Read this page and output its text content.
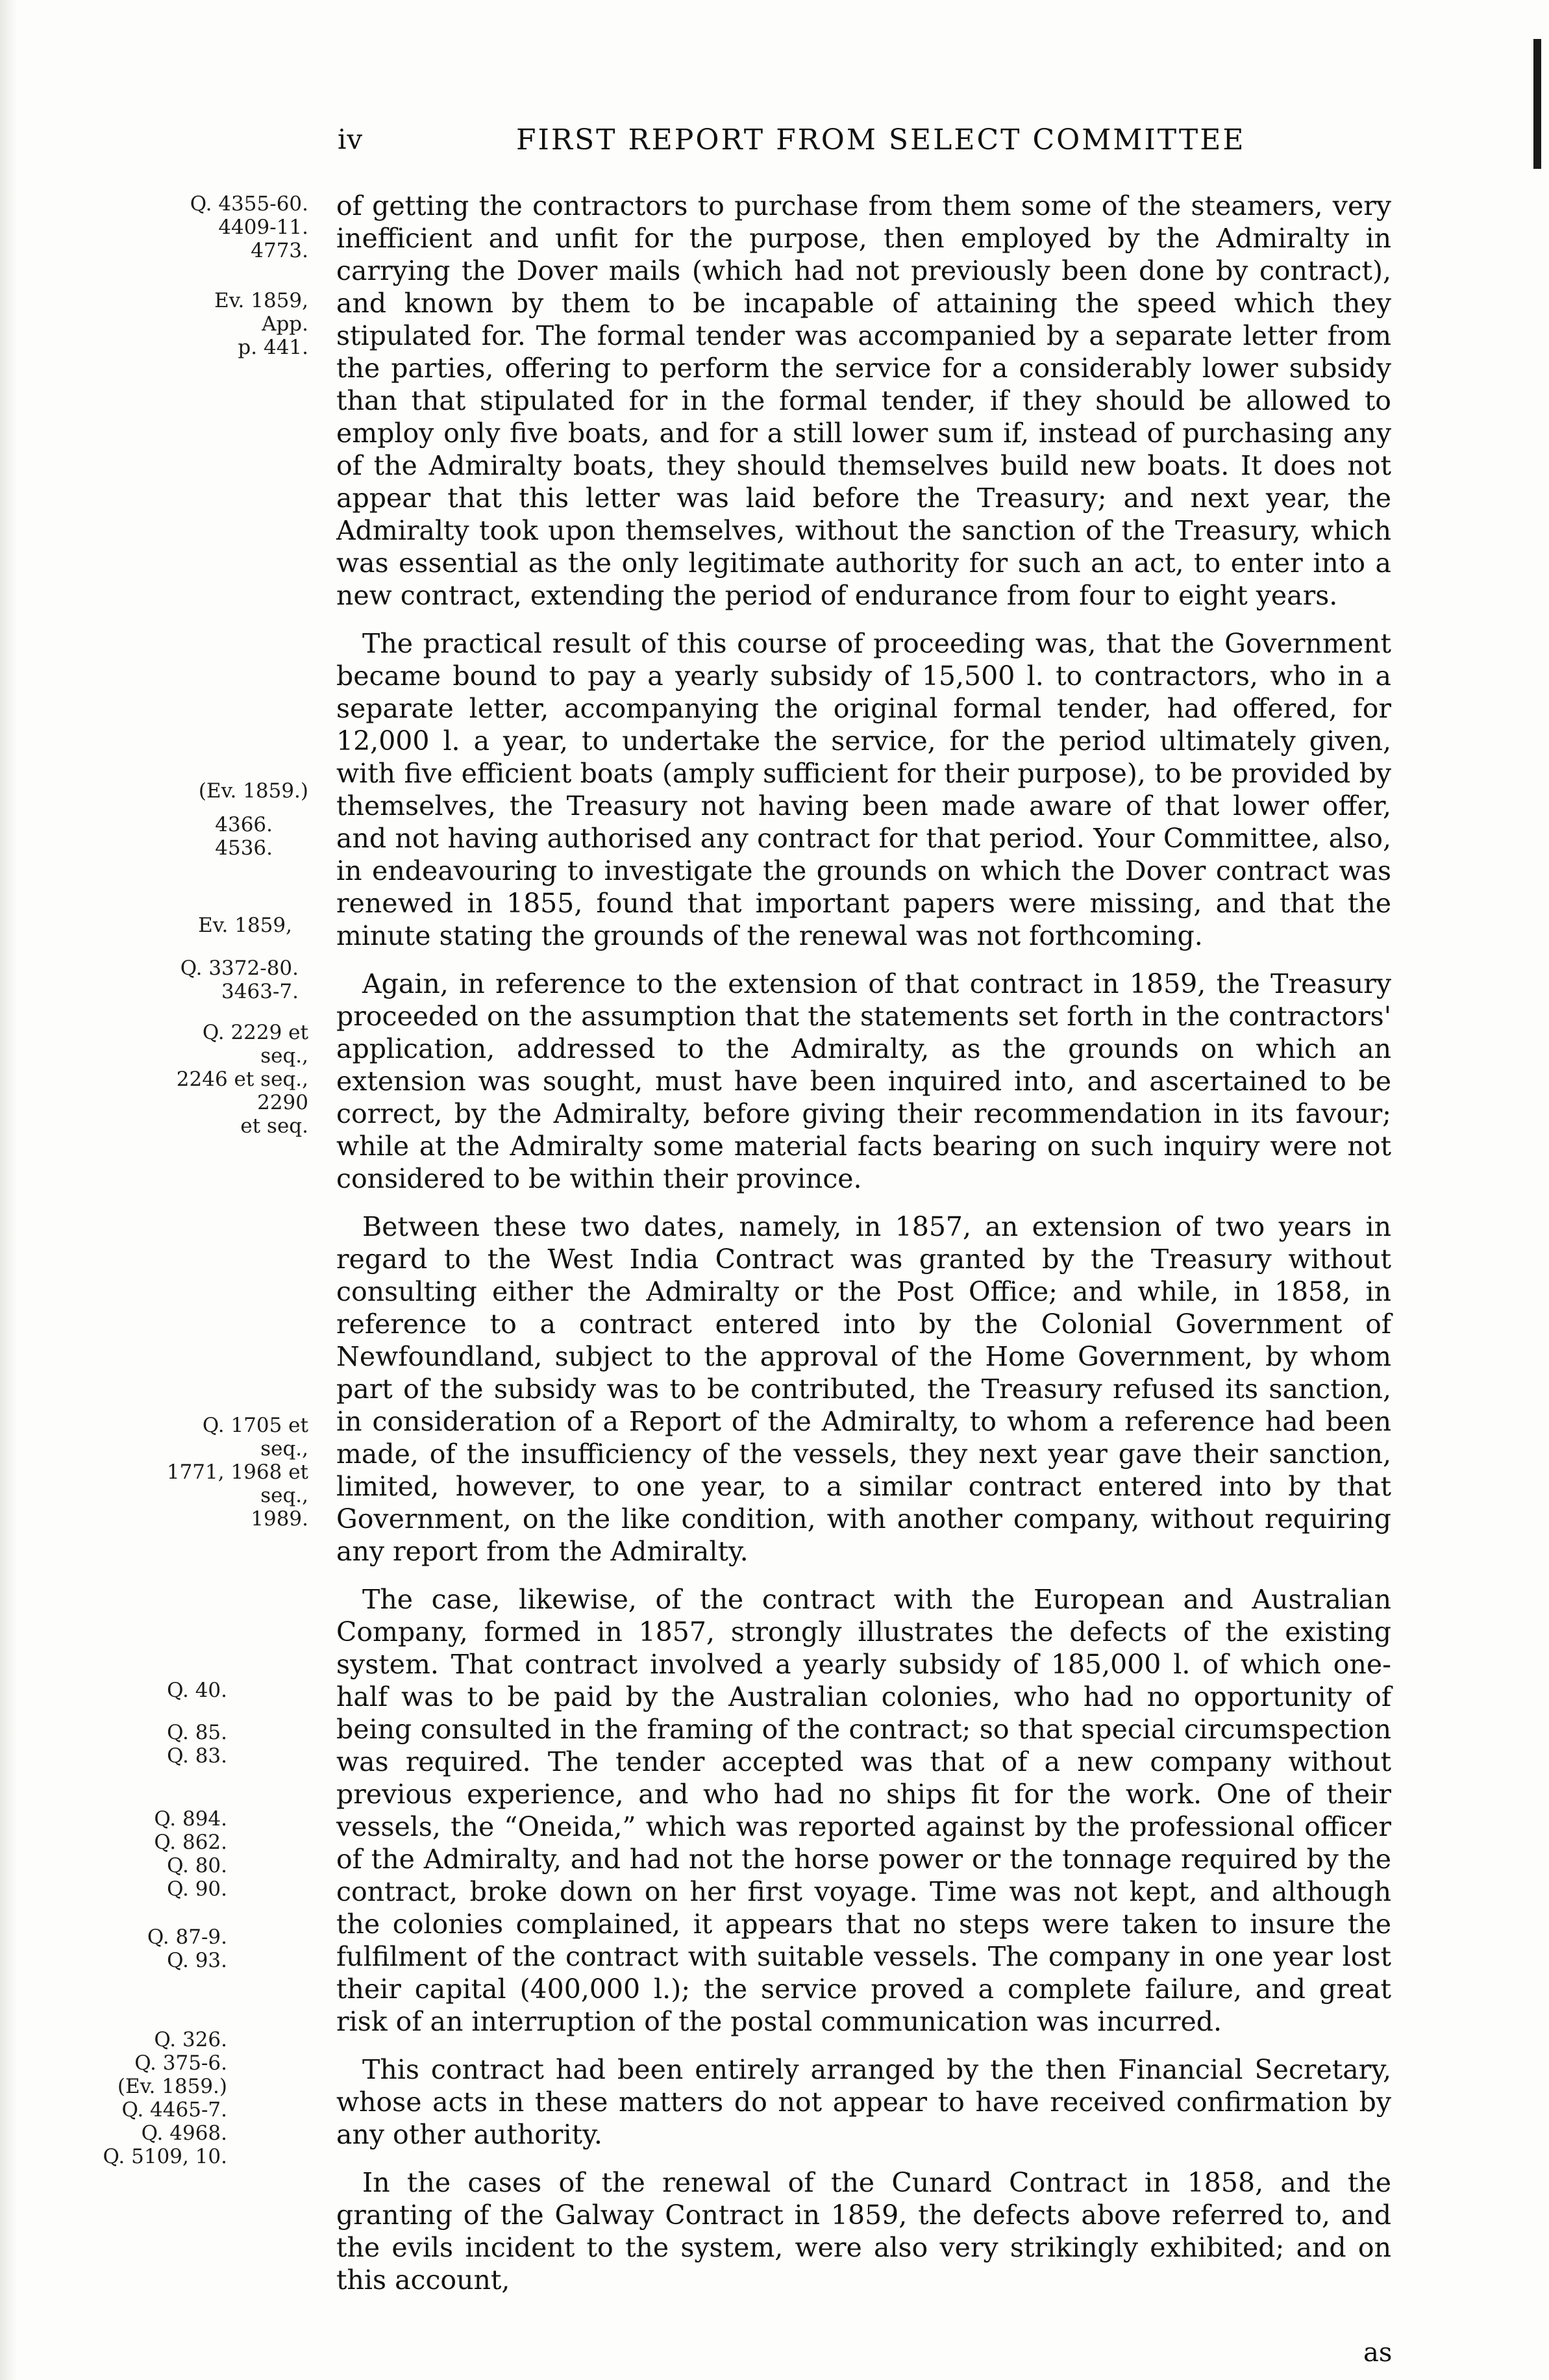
iv	FIRST REPORT FROM SELECT COMMITTEE
Q. 4355-60.
4409-11. 4773.
Ev. 1859, App.
p. 441.
(Ev. 1859.)
4366.
4536.
Ev. 1859,
Q. 3372-80.
3463-7.
Q. 2229 et seq.,
2246 et seq., 2290
et seq.
Q. 1705 et seq.,
1771, 1968 et seq.,
1989.
Q. 40.
Q. 85.
Q. 83.
Q. 894.
Q. 862.
Q. 80.
Q. 90.
Q. 87-9.
Q. 93.
Q. 326.
Q. 375-6.
(Ev. 1859.)
Q. 4465-7.
Q. 4968.
Q. 5109, 10.

of getting the contractors to purchase from them some of the steamers, very inefficient and unfit for the purpose, then employed by the Admiralty in carrying the Dover mails (which had not previously been done by contract), and known by them to be incapable of attaining the speed which they stipulated for. The formal tender was accompanied by a separate letter from the parties, offering to perform the service for a considerably lower subsidy than that stipulated for in the formal tender, if they should be allowed to employ only five boats, and for a still lower sum if, instead of purchasing any of the Admiralty boats, they should themselves build new boats. It does not appear that this letter was laid before the Treasury; and next year, the Admiralty took upon themselves, without the sanction of the Treasury, which was essential as the only legitimate authority for such an act, to enter into a new contract, extending the period of endurance from four to eight years.

The practical result of this course of proceeding was, that the Government became bound to pay a yearly subsidy of 15,500 l. to contractors, who in a separate letter, accompanying the original formal tender, had offered, for 12,000 l. a year, to undertake the service, for the period ultimately given, with five efficient boats (amply sufficient for their purpose), to be provided by themselves, the Treasury not having been made aware of that lower offer, and not having authorised any contract for that period. Your Committee, also, in endeavouring to investigate the grounds on which the Dover contract was renewed in 1855, found that important papers were missing, and that the minute stating the grounds of the renewal was not forthcoming.

Again, in reference to the extension of that contract in 1859, the Treasury proceeded on the assumption that the statements set forth in the contractors' application, addressed to the Admiralty, as the grounds on which an extension was sought, must have been inquired into, and ascertained to be correct, by the Admiralty, before giving their recommendation in its favour; while at the Admiralty some material facts bearing on such inquiry were not considered to be within their province.

Between these two dates, namely, in 1857, an extension of two years in regard to the West India Contract was granted by the Treasury without consulting either the Admiralty or the Post Office; and while, in 1858, in reference to a contract entered into by the Colonial Government of Newfoundland, subject to the approval of the Home Government, by whom part of the subsidy was to be contributed, the Treasury refused its sanction, in consideration of a Report of the Admiralty, to whom a reference had been made, of the insufficiency of the vessels, they next year gave their sanction, limited, however, to one year, to a similar contract entered into by that Government, on the like condition, with another company, without requiring any report from the Admiralty.

The case, likewise, of the contract with the European and Australian Company, formed in 1857, strongly illustrates the defects of the existing system. That contract involved a yearly subsidy of 185,000 l. of which one-half was to be paid by the Australian colonies, who had no opportunity of being consulted in the framing of the contract; so that special circumspection was required. The tender accepted was that of a new company without previous experience, and who had no ships fit for the work. One of their vessels, the “Oneida,” which was reported against by the professional officer of the Admiralty, and had not the horse power or the tonnage required by the contract, broke down on her first voyage. Time was not kept, and although the colonies complained, it appears that no steps were taken to insure the fulfilment of the contract with suitable vessels. The company in one year lost their capital (400,000 l.); the service proved a complete failure, and great risk of an interruption of the postal communication was incurred.

This contract had been entirely arranged by the then Financial Secretary, whose acts in these matters do not appear to have received confirmation by any other authority.

In the cases of the renewal of the Cunard Contract in 1858, and the granting of the Galway Contract in 1859, the defects above referred to, and the evils incident to the system, were also very strikingly exhibited; and on this account,

as
